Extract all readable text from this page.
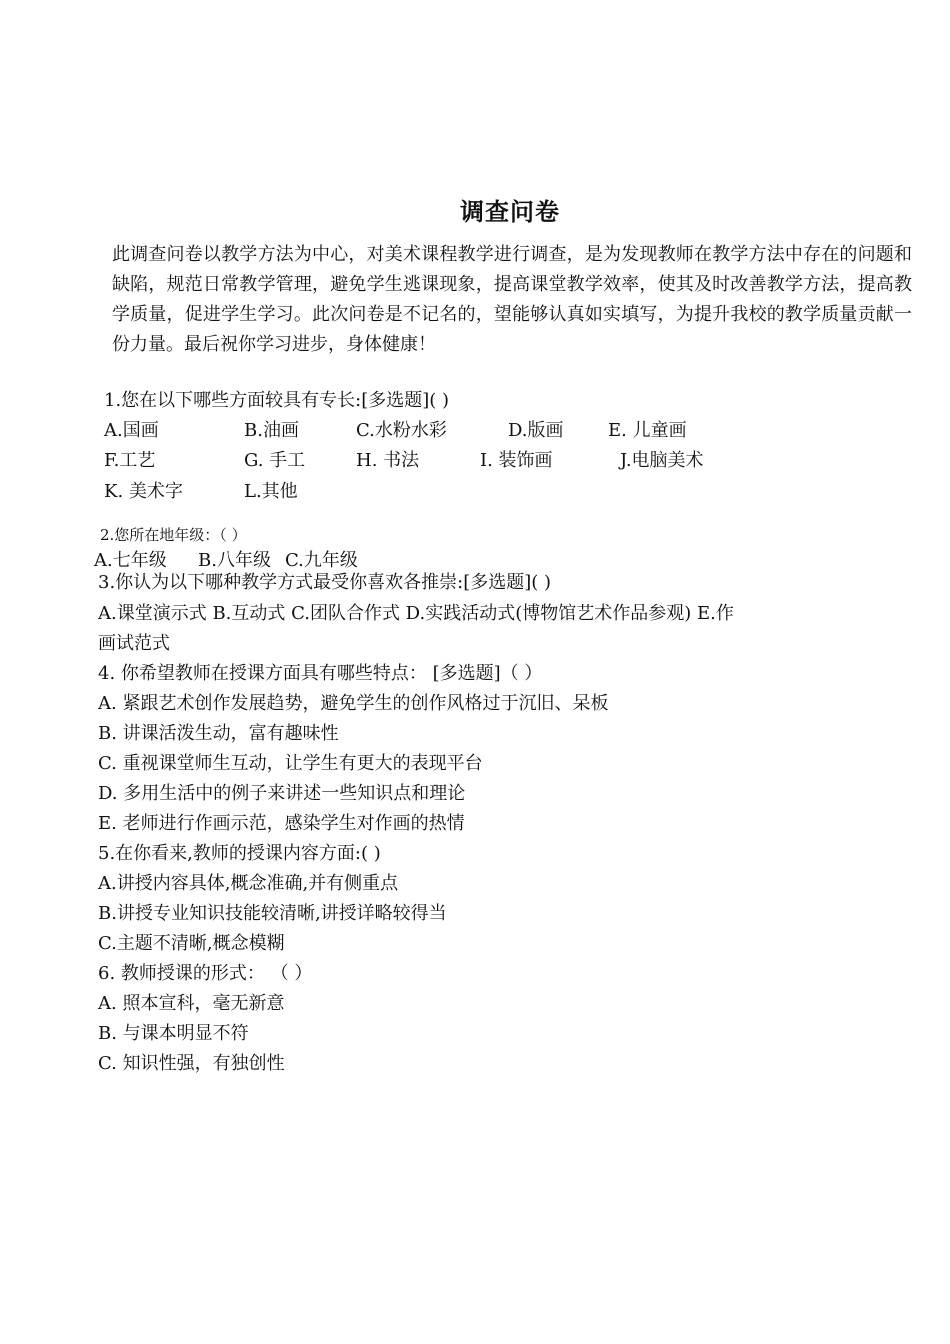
调查问卷
此调查问卷以教学方法为中心，对美术课程教学进行调查，是为发现教师在教学方法中存在的问题和缺陷，规范日常教学管理，避免学生逃课现象，提高课堂教学效率，使其及时改善教学方法，提高教学质量，促进学生学习。此次问卷是不记名的，望能够认真如实填写，为提升我校的教学质量贡献一份力量。最后祝你学习进步，身体健康！
1.您在以下哪些方面较具有专长:[多选题]( )
A.国画	B.油画	C.水粉水彩	D.版画 E. 儿童画
F.工艺	G. 手工	H. 书法	I. 装饰画	J.电脑美术
K. 美术字	L.其他
2.您所在地年级：（ ）
A.七年级 B.八年级 C.九年级
3.你认为以下哪种教学方式最受你喜欢各推崇:[多选题]( )
A.课堂演示式 B.互动式 C.团队合作式 D.实践活动式(博物馆艺术作品参观) E.作
画试范式
4. 你希望教师在授课方面具有哪些特点： [多选题]（ ）
A. 紧跟艺术创作发展趋势，避免学生的创作风格过于沉旧、呆板
B. 讲课活泼生动，富有趣味性
C. 重视课堂师生互动，让学生有更大的表现平台
D. 多用生活中的例子来讲述一些知识点和理论
E. 老师进行作画示范，感染学生对作画的热情
5.在你看来,教师的授课内容方面:( )
A.讲授内容具体,概念准确,并有侧重点
B.讲授专业知识技能较清晰,讲授详略较得当
C.主题不清晰,概念模糊
6. 教师授课的形式： （ ）
A. 照本宣科，毫无新意
B. 与课本明显不符
C. 知识性强，有独创性
